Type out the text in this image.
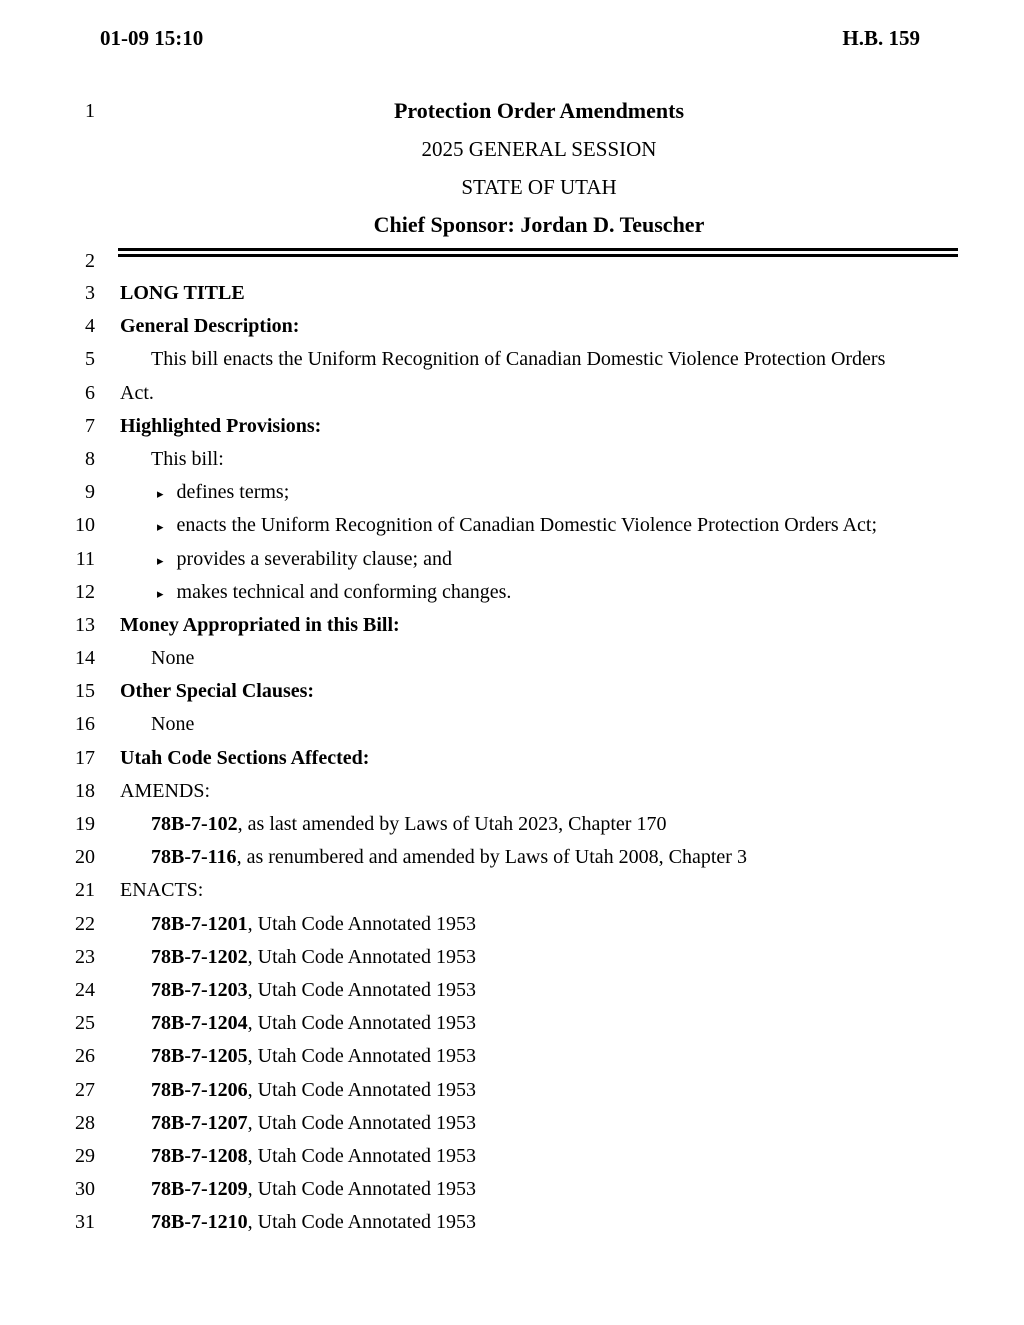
01-09 15:10	H.B. 159
1	Protection Order Amendments
2025 GENERAL SESSION
STATE OF UTAH
Chief Sponsor: Jordan D. Teuscher
2
3 LONG TITLE
4 General Description:
5	This bill enacts the Uniform Recognition of Canadian Domestic Violence Protection Orders
6 Act.
7 Highlighted Provisions:
8	This bill:
9	▸ defines terms;
10	▸ enacts the Uniform Recognition of Canadian Domestic Violence Protection Orders Act;
11	▸ provides a severability clause; and
12	▸ makes technical and conforming changes.
13 Money Appropriated in this Bill:
14	None
15 Other Special Clauses:
16	None
17 Utah Code Sections Affected:
18 AMENDS:
19	78B-7-102, as last amended by Laws of Utah 2023, Chapter 170
20	78B-7-116, as renumbered and amended by Laws of Utah 2008, Chapter 3
21 ENACTS:
22	78B-7-1201, Utah Code Annotated 1953
23	78B-7-1202, Utah Code Annotated 1953
24	78B-7-1203, Utah Code Annotated 1953
25	78B-7-1204, Utah Code Annotated 1953
26	78B-7-1205, Utah Code Annotated 1953
27	78B-7-1206, Utah Code Annotated 1953
28	78B-7-1207, Utah Code Annotated 1953
29	78B-7-1208, Utah Code Annotated 1953
30	78B-7-1209, Utah Code Annotated 1953
31	78B-7-1210, Utah Code Annotated 1953
